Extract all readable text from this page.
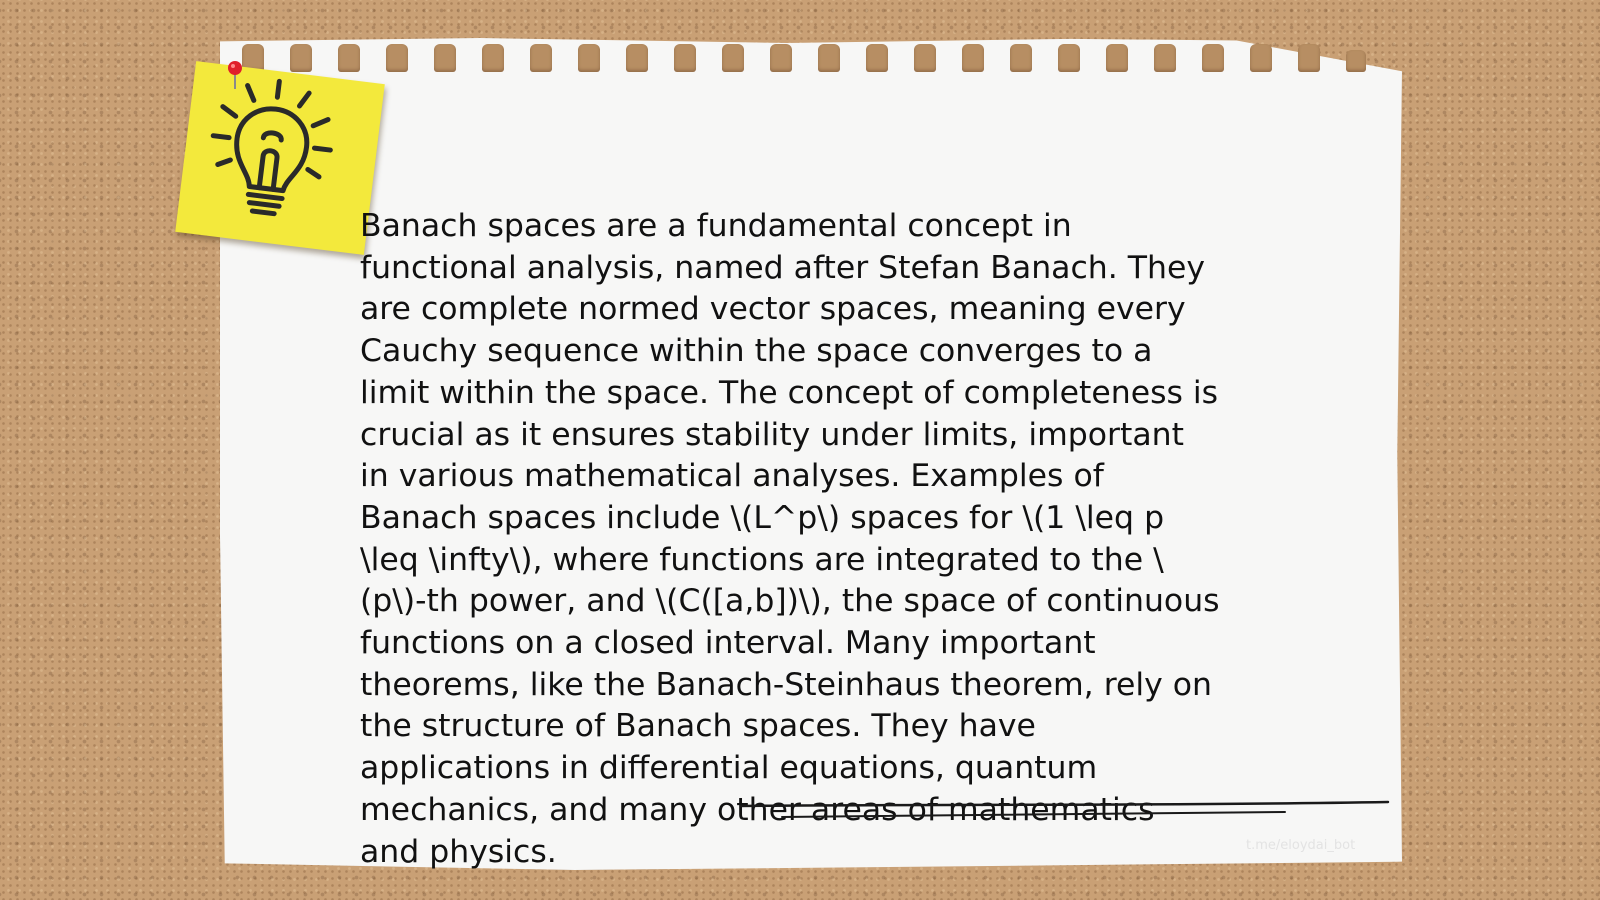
Banach spaces are a fundamental concept in
functional analysis, named after Stefan Banach. They
are complete normed vector spaces, meaning every
Cauchy sequence within the space converges to a
limit within the space. The concept of completeness is
crucial as it ensures stability under limits, important
in various mathematical analyses. Examples of
Banach spaces include \(L^p\) spaces for \(1 \leq p
\leq \infty\), where functions are integrated to the \
(p\)-th power, and \(C([a,b])\), the space of continuous
functions on a closed interval. Many important
theorems, like the Banach-Steinhaus theorem, rely on
the structure of Banach spaces. They have
applications in differential equations, quantum
mechanics, and many other areas of mathematics
and physics.	t.me/eloydai_bot
